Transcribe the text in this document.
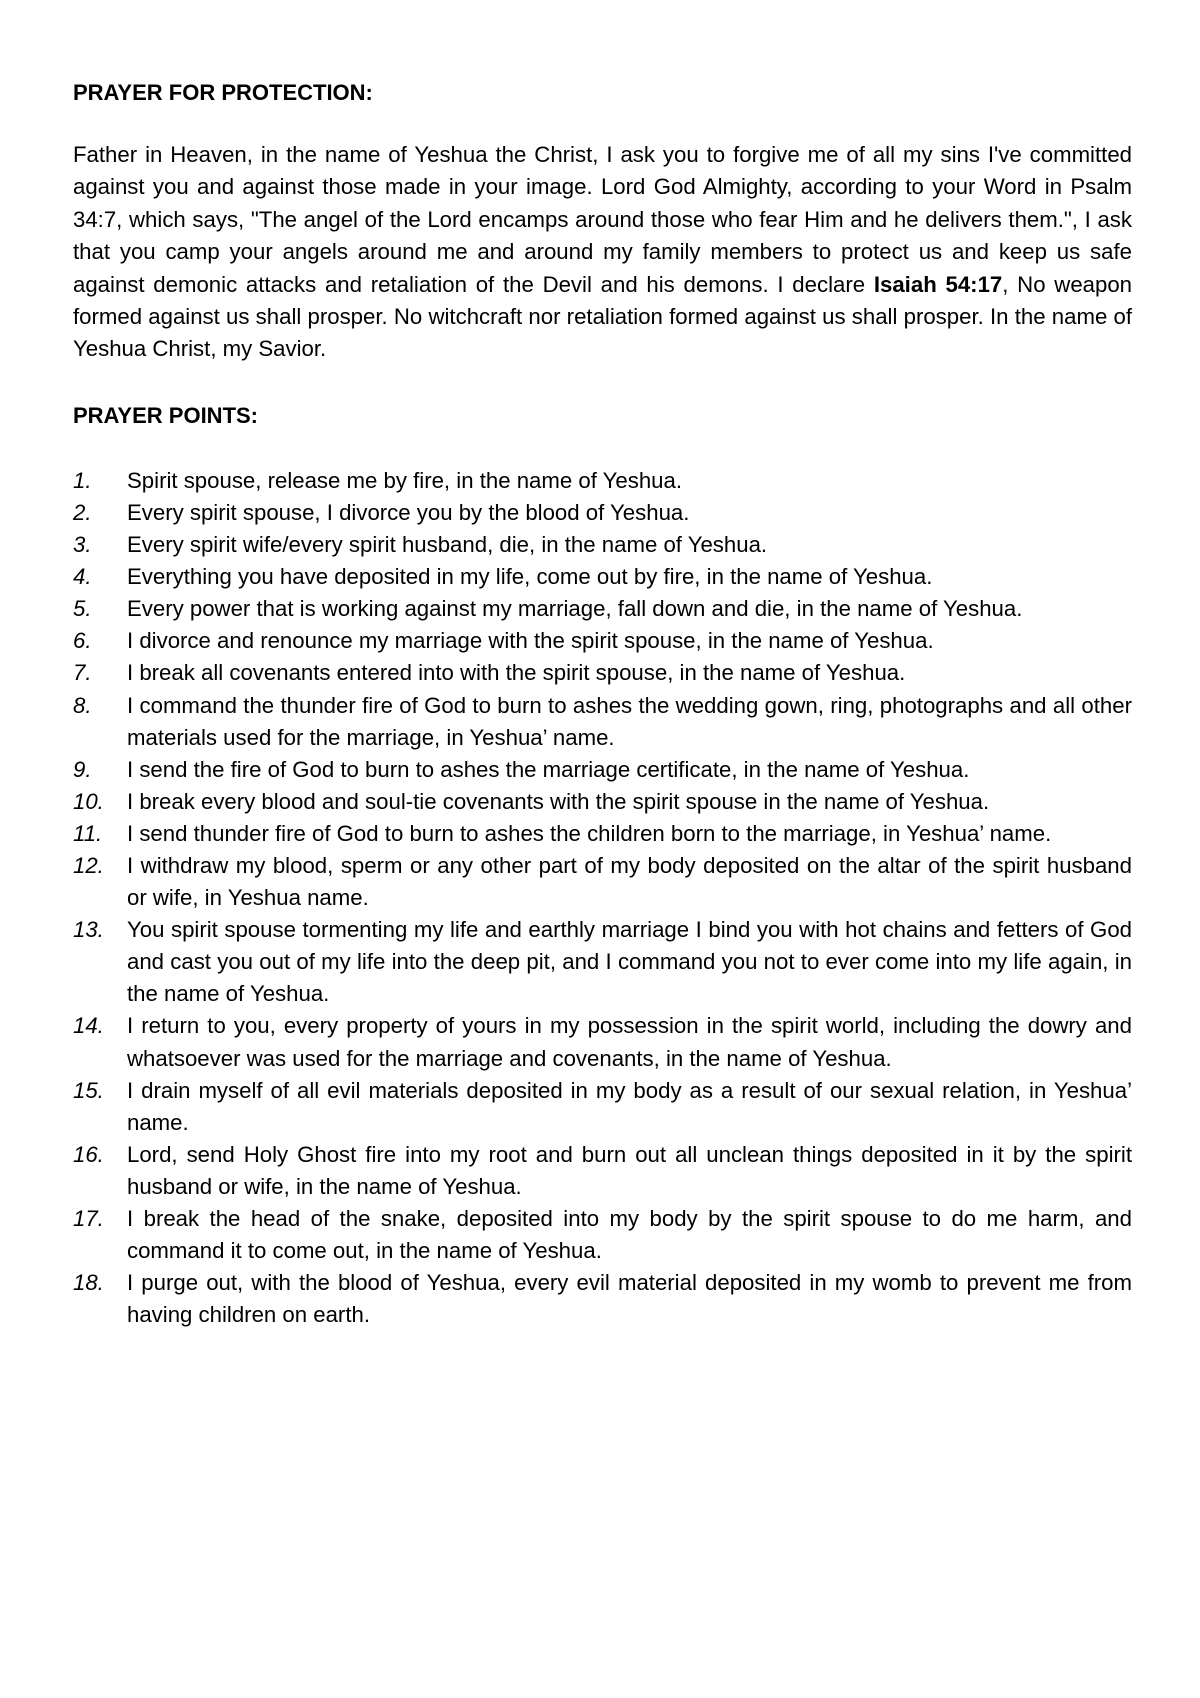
PRAYER FOR PROTECTION:

Father in Heaven, in the name of Yeshua the Christ, I ask you to forgive me of all my sins I've committed against you and against those made in your image. Lord God Almighty, according to your Word in Psalm 34:7, which says, "The angel of the Lord encamps around those who fear Him and he delivers them.", I ask that you camp your angels around me and around my family members to protect us and keep us safe against demonic attacks and retaliation of the Devil and his demons. I declare Isaiah 54:17, No weapon formed against us shall prosper. No witchcraft nor retaliation formed against us shall prosper. In the name of Yeshua Christ, my Savior.

PRAYER POINTS:

1.	Spirit spouse, release me by fire, in the name of Yeshua.
2.	Every spirit spouse, I divorce you by the blood of Yeshua.
3.	Every spirit wife/every spirit husband, die, in the name of Yeshua.
4.	Everything you have deposited in my life, come out by fire, in the name of Yeshua.
5.	Every power that is working against my marriage, fall down and die, in the name of Yeshua.
6.	I divorce and renounce my marriage with the spirit spouse, in the name of Yeshua.
7.	I break all covenants entered into with the spirit spouse, in the name of Yeshua.
8.	I command the thunder fire of God to burn to ashes the wedding gown, ring, photographs and all other materials used for the marriage, in Yeshua’ name.
9.	I send the fire of God to burn to ashes the marriage certificate, in the name of Yeshua.
10.	I break every blood and soul-tie covenants with the spirit spouse in the name of Yeshua.
11.	I send thunder fire of God to burn to ashes the children born to the marriage, in Yeshua’ name.
12.	I withdraw my blood, sperm or any other part of my body deposited on the altar of the spirit husband or wife, in Yeshua name.
13.	You spirit spouse tormenting my life and earthly marriage I bind you with hot chains and fetters of God and cast you out of my life into the deep pit, and I command you not to ever come into my life again, in the name of Yeshua.
14.	I return to you, every property of yours in my possession in the spirit world, including the dowry and whatsoever was used for the marriage and covenants, in the name of Yeshua.
15.	I drain myself of all evil materials deposited in my body as a result of our sexual relation, in Yeshua’ name.
16.	Lord, send Holy Ghost fire into my root and burn out all unclean things deposited in it by the spirit husband or wife, in the name of Yeshua.
17.	I break the head of the snake, deposited into my body by the spirit spouse to do me harm, and command it to come out, in the name of Yeshua.
18.	I purge out, with the blood of Yeshua, every evil material deposited in my womb to prevent me from having children on earth.
